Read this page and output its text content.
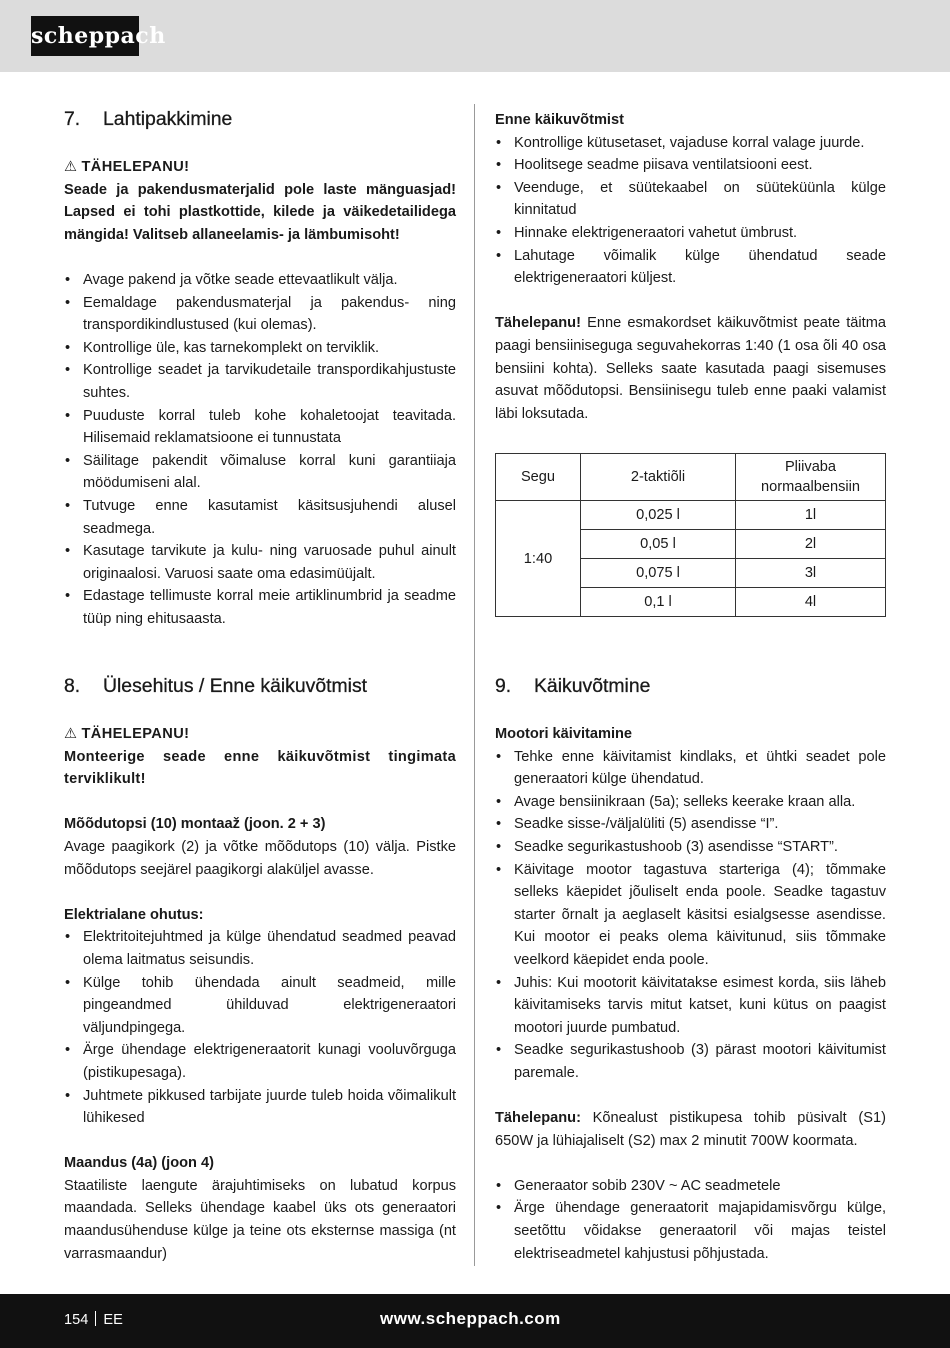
scheppach
7. Lahtipakkimine
⚠ TÄHELEPANU!

Seade ja pakendusmaterjalid pole laste mänguasjad! Lapsed ei tohi plastkottide, kilede ja väikedetailidega mängida! Valitseb allaneelamis- ja lämbumisoht!

• Avage pakend ja võtke seade ettevaatlikult välja.
• Eemaldage pakendusmaterjal ja pakendus- ning transpordikindlustused (kui olemas).
• Kontrollige üle, kas tarnekomplekt on terviklik.
• Kontrollige seadet ja tarvikudetaile transpordikahjustuste suhtes.
• Puuduste korral tuleb kohe kohaletoojat teavitada. Hilisemaid reklamatsioone ei tunnustata
• Säilitage pakendit võimaluse korral kuni garantiiaja möödumiseni alal.
• Tutvuge enne kasutamist käsitsusjuhendi alusel seadmega.
• Kasutage tarvikute ja kulu- ning varuosade puhul ainult originaalosi. Varuosi saate oma edasimüüjalt.
• Edastage tellimuste korral meie artiklinumbrid ja seadme tüüp ning ehitusaasta.
8. Ülesehitus / Enne käikuvõtmist
⚠ TÄHELEPANU!

Monteerige seade enne käikuvõtmist tingimata terviklikult!

Mõõdutopsi (10) montaaž (joon. 2 + 3)

Avage paagikork (2) ja võtke mõõdutops (10) välja. Pistke mõõdutops seejärel paagikorgi alaküljel avasse.

Elektrialane ohutus:

• Elektritoitejuhtmed ja külge ühendatud seadmed peavad olema laitmatus seisundis.
• Külge tohib ühendada ainult seadmeid, mille pingeandmed ühilduvad elektrigeneraatori väljundpingega.
• Ärge ühendage elektrigeneraatorit kunagi vooluvõrguga (pistikupesaga).
• Juhtmete pikkused tarbijate juurde tuleb hoida võimalikult lühikesed

Maandus (4a) (joon 4)

Staatiliste laengute ärajuhtimiseks on lubatud korpus maandada. Selleks ühendage kaabel üks ots generaatori maandusühenduse külge ja teine ots eksternse massiga (nt varrasmaandur)

Enne käikuvõtmist

• Kontrollige kütusetaset, vajaduse korral valage juurde.
• Hoolitsege seadme piisava ventilatsiooni eest.
• Veenduge, et süütekaabel on süüteküünla külge kinnitatud
• Hinnake elektrigeneraatori vahetut ümbrust.
• Lahutage võimalik külge ühendatud seade elektrigeneraatori küljest.

Tähelepanu! Enne esmakordset käikuvõtmist peate täitma paagi bensiiniseguga seguvahekorras 1:40 (1 osa õli 40 osa bensiini kohta). Selleks saate kasutada paagi sisemuses asuvat mõõdutopsi. Bensiinisegu tuleb enne paaki valamist läbi loksutada.

Segu	2-taktiõli	Pliivaba normaalbensiin

1:40	0,025 l	1l
	0,05 l	2l
	0,075 l	3l
	0,1 l	4l
9. Käikuvõtmine

Mootori käivitamine

• Tehke enne käivitamist kindlaks, et ühtki seadet pole generaatori külge ühendatud.
• Avage bensiinikraan (5a); selleks keerake kraan alla.
• Seadke sisse-/väljalüliti (5) asendisse “I”.
• Seadke segurikastushoob (3) asendisse “START”.
• Käivitage mootor tagastuva starteriga (4); tõmmake selleks käepidet jõuliselt enda poole. Seadke tagastuv starter õrnalt ja aeglaselt käsitsi esialgsesse asendisse. Kui mootor ei peaks olema käivitunud, siis tõmmake veelkord käepidet enda poole.
• Juhis: Kui mootorit käivitatakse esimest korda, siis läheb käivitamiseks tarvis mitut katset, kuni kütus on paagist mootori juurde pumbatud.
• Seadke segurikastushoob (3) pärast mootori käivitumist paremale.

Tähelepanu: Kõnealust pistikupesa tohib püsivalt (S1) 650W ja lühiajaliselt (S2) max 2 minutit 700W koormata.

• Generaator sobib 230V ~ AC seadmetele
• Ärge ühendage generaatorit majapidamisvõrgu külge, seetõttu võidakse generaatoril või majas teistel elektriseadmetel kahjustusi põhjustada.
154 EE	www.scheppach.com
